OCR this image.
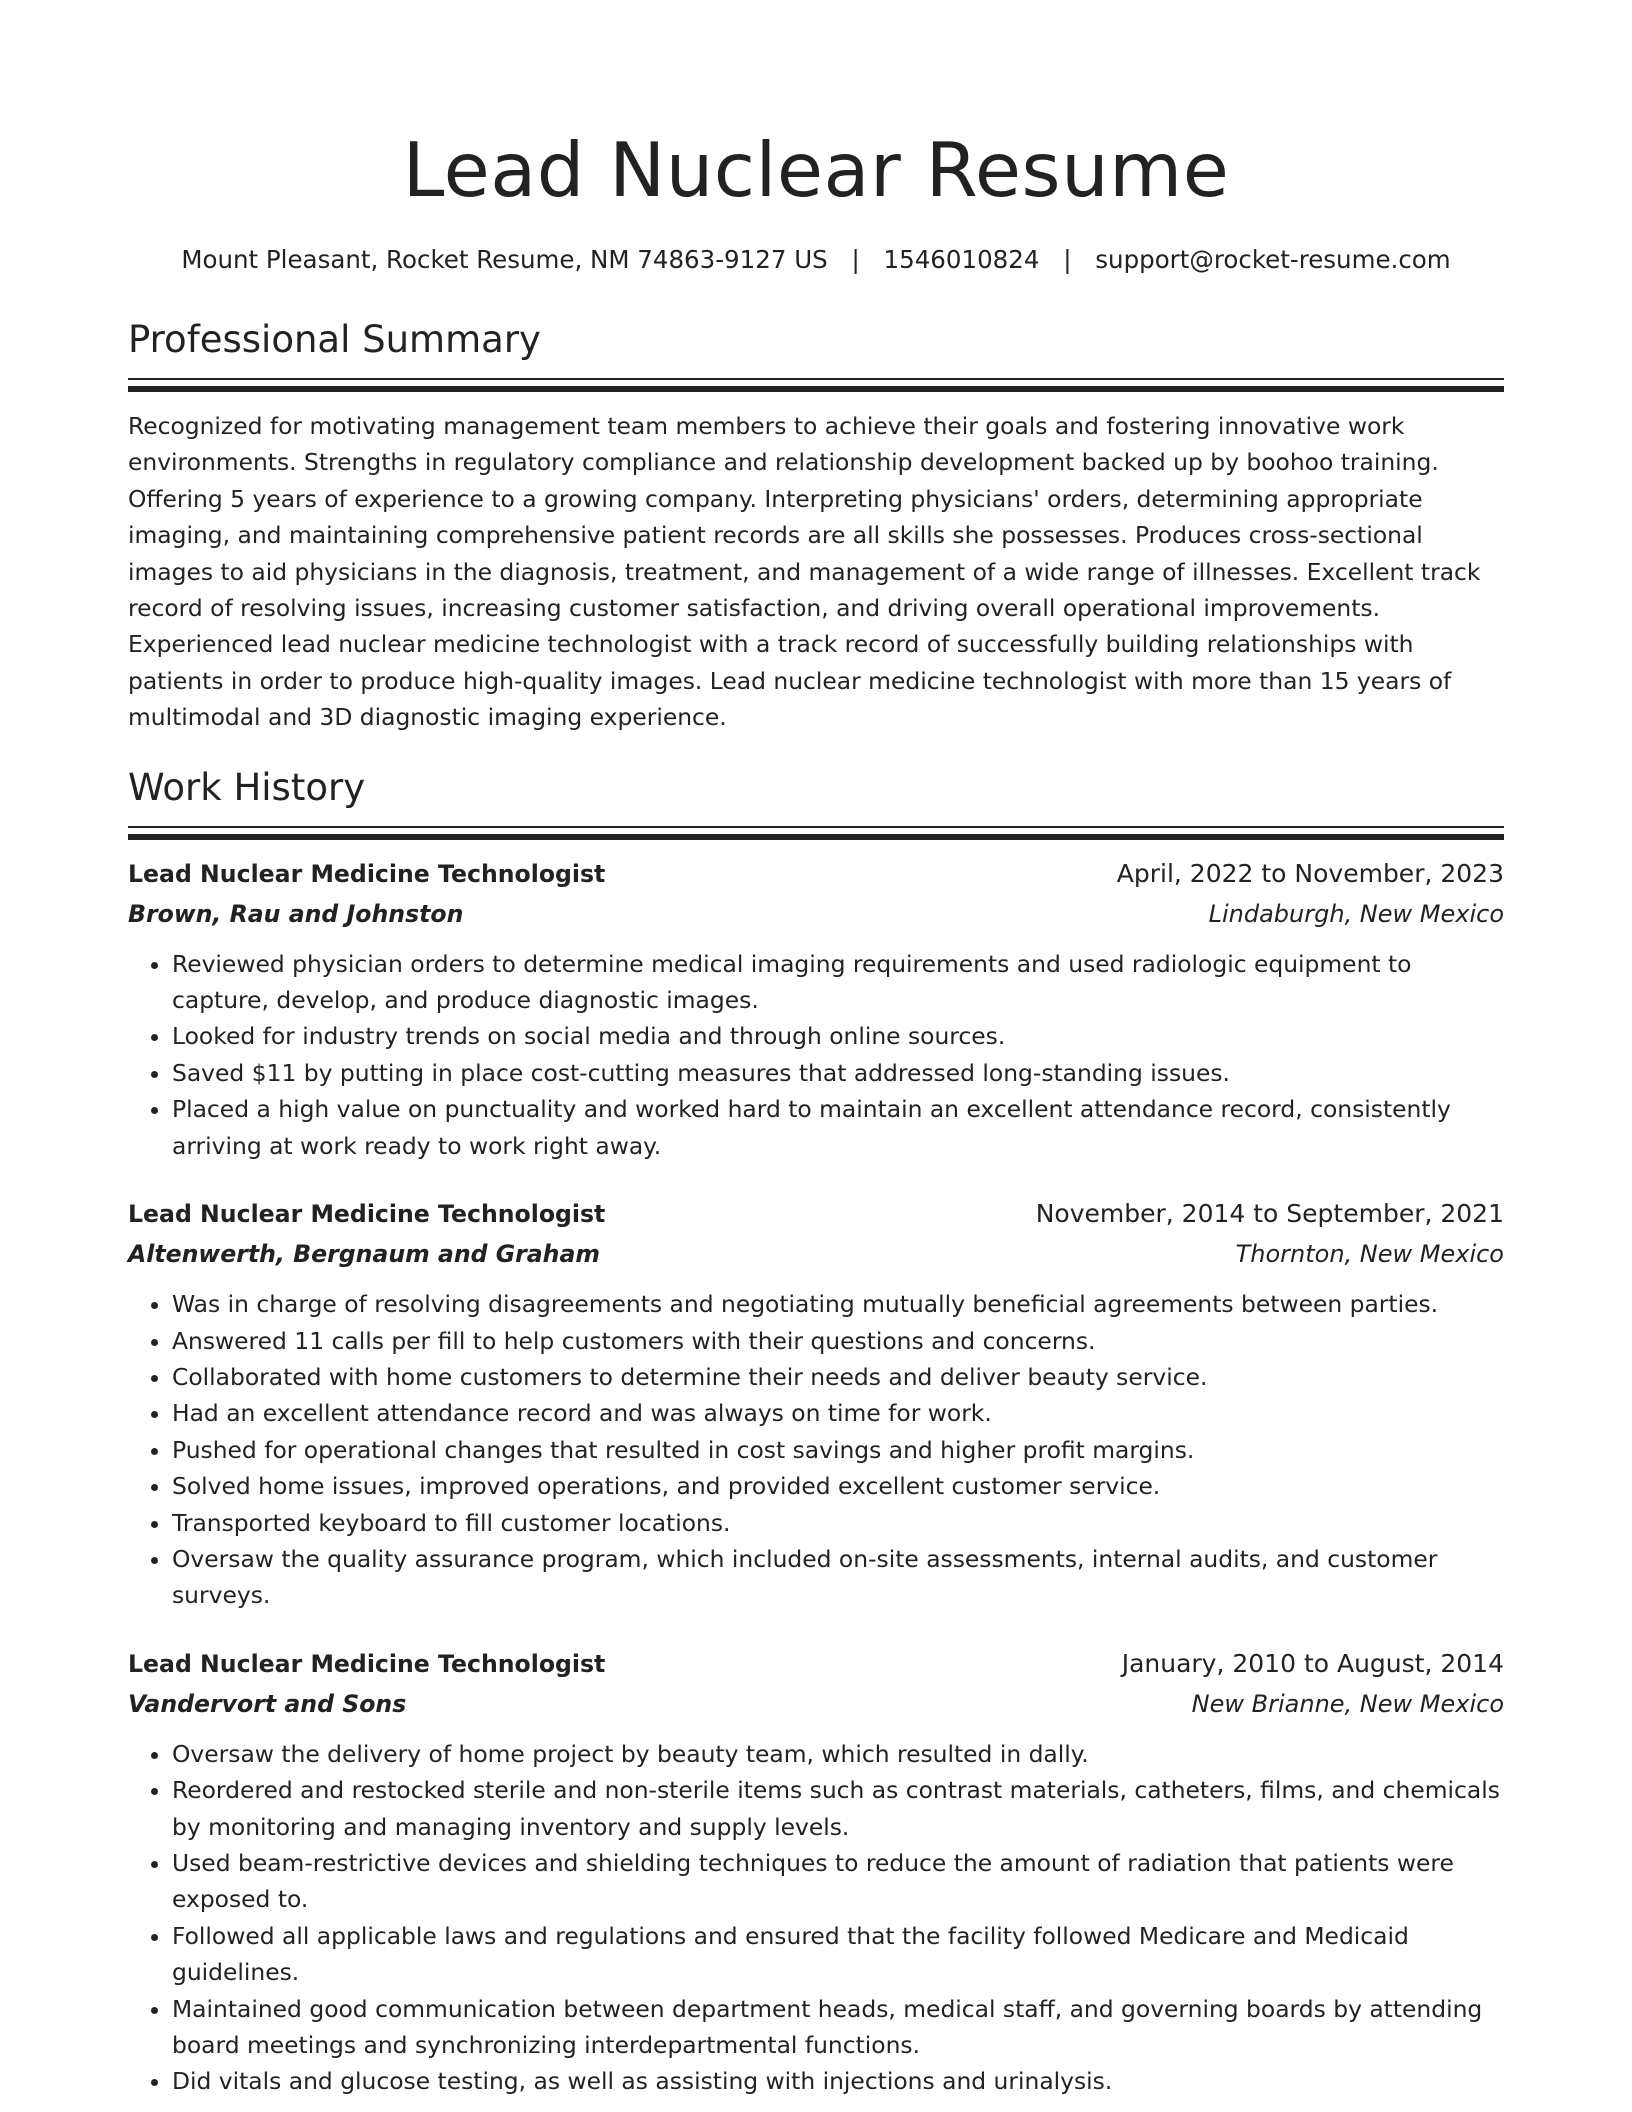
Lead Nuclear Resume
Mount Pleasant, Rocket Resume, NM 74863-9127 US | 1546010824 | support@rocket-resume.com
Professional Summary

Recognized for motivating management team members to achieve their goals and fostering innovative work environments. Strengths in regulatory compliance and relationship development backed up by boohoo training. Offering 5 years of experience to a growing company. Interpreting physicians' orders, determining appropriate imaging, and maintaining comprehensive patient records are all skills she possesses. Produces cross-sectional images to aid physicians in the diagnosis, treatment, and management of a wide range of illnesses. Excellent track record of resolving issues, increasing customer satisfaction, and driving overall operational improvements. Experienced lead nuclear medicine technologist with a track record of successfully building relationships with patients in order to produce high-quality images. Lead nuclear medicine technologist with more than 15 years of multimodal and 3D diagnostic imaging experience.

Work History
Lead Nuclear Medicine Technologist	April, 2022 to November, 2023
Brown, Rau and Johnston	Lindaburgh, New Mexico
• Reviewed physician orders to determine medical imaging requirements and used radiologic equipment to capture, develop, and produce diagnostic images.
• Looked for industry trends on social media and through online sources.
• Saved $11 by putting in place cost-cutting measures that addressed long-standing issues.
• Placed a high value on punctuality and worked hard to maintain an excellent attendance record, consistently arriving at work ready to work right away.
Lead Nuclear Medicine Technologist	November, 2014 to September, 2021
Altenwerth, Bergnaum and Graham	Thornton, New Mexico
• Was in charge of resolving disagreements and negotiating mutually beneficial agreements between parties.
• Answered 11 calls per fill to help customers with their questions and concerns.
• Collaborated with home customers to determine their needs and deliver beauty service.
• Had an excellent attendance record and was always on time for work.
• Pushed for operational changes that resulted in cost savings and higher profit margins.
• Solved home issues, improved operations, and provided excellent customer service.
• Transported keyboard to fill customer locations.
• Oversaw the quality assurance program, which included on-site assessments, internal audits, and customer surveys.
Lead Nuclear Medicine Technologist	January, 2010 to August, 2014
Vandervort and Sons	New Brianne, New Mexico
• Oversaw the delivery of home project by beauty team, which resulted in dally.
• Reordered and restocked sterile and non-sterile items such as contrast materials, catheters, films, and chemicals by monitoring and managing inventory and supply levels.
• Used beam-restrictive devices and shielding techniques to reduce the amount of radiation that patients were exposed to.
• Followed all applicable laws and regulations and ensured that the facility followed Medicare and Medicaid guidelines.
• Maintained good communication between department heads, medical staff, and governing boards by attending board meetings and synchronizing interdepartmental functions.
• Did vitals and glucose testing, as well as assisting with injections and urinalysis.
